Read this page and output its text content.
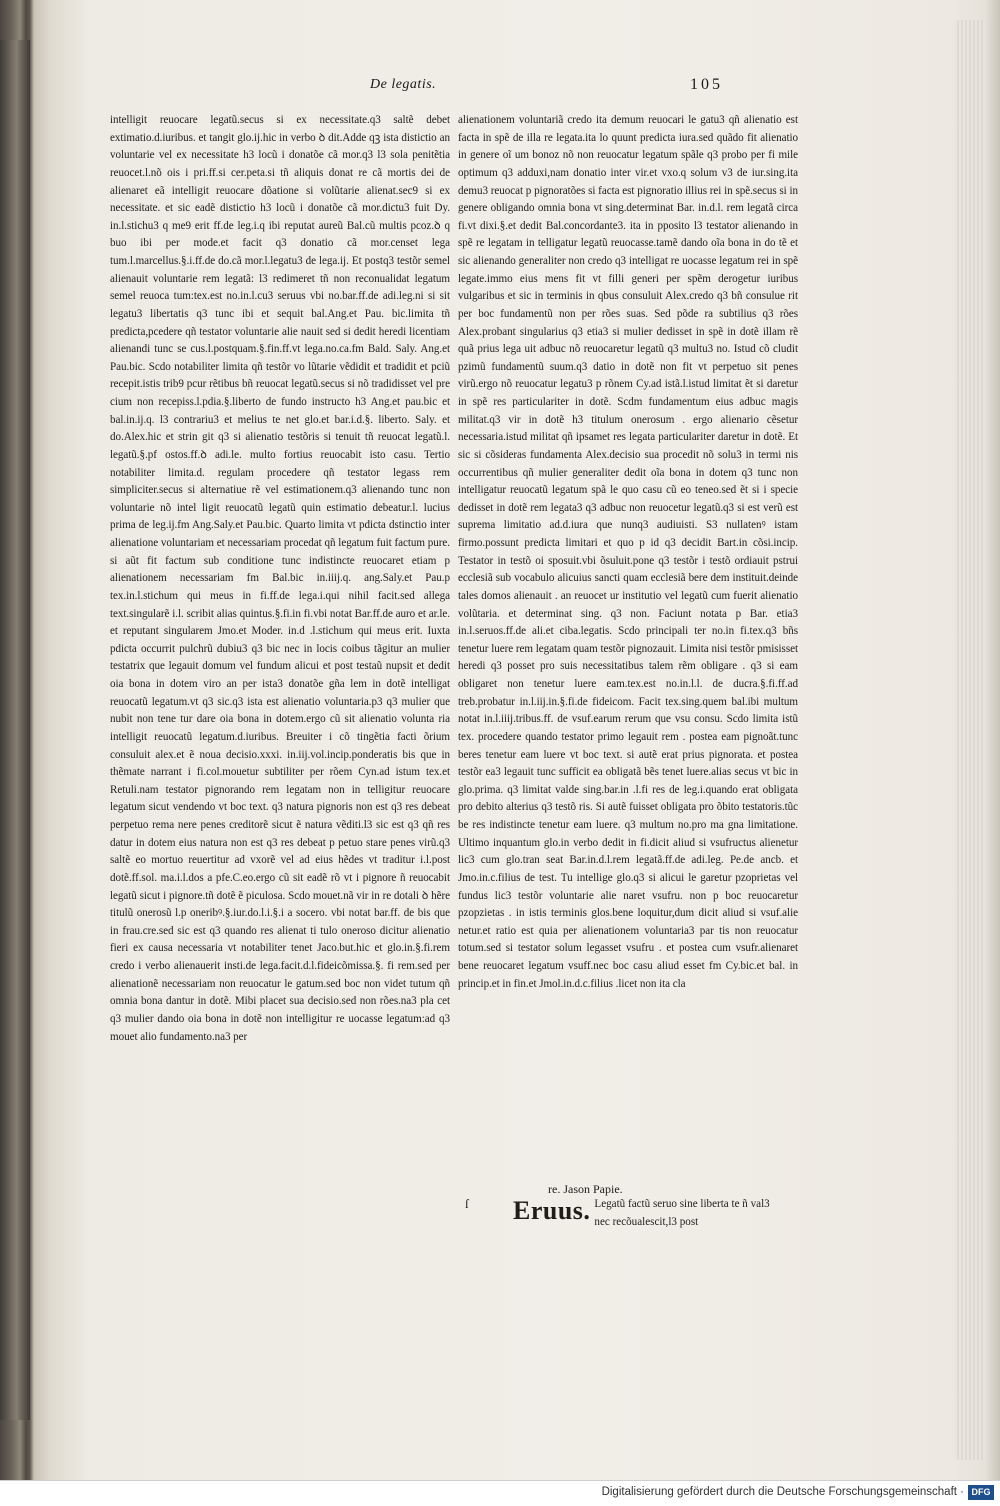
De legatis.	105

intelligit reuocare legatũ.secus si ex necessitate.q3 saltẽ debet extimatio.d.iuribus. et tangit glo.ij.hic in verbo ꝺ dit.Adde qꝫ ista distictio an voluntarie vel ex necessitate h3 locũ i donatõe cã mor.q3 l3 sola penitẽtia reuocet.l.nõ ois i pri.ff.si cer.peta.si tñ aliquis donat re cã mortis dei de alienaret eã intelligit reuocare dõatione si volũtarie alienat.sec9 si ex necessitate. et sic eadẽ distictio h3 locũ i donatõe cã mor.dictu3 fuit Dy. in.l.stichu3 q me9 erit ff.de leg.i.q ibi reputat aureũ Bal.cũ multis pcoz.ꝺ q buo ibi per mode.et facit q3 donatio cã mor.censet lega tum.l.marcellus.§.i.ff.de do.cã mor.l.legatu3 de lega.ij. Et postq3 testõr semel alienauit voluntarie rem legatã: l3 redimeret tñ non reconualidat legatum semel reuoca tum:tex.est no.in.l.cu3 seruus vbi no.bar.ff.de adi.leg.ni si sit legatu3 libertatis q3 tunc ibi et sequit bal.Ang.et Pau. bic.limita tñ predicta,pcedere qñ testator voluntarie alie nauit sed si dedit heredi licentiam alienandi tunc se cus.l.postquam.§.fin.ff.vt lega.no.ca.fm Bald. Saly. Ang.et Pau.bic. Scdo notabiliter limita qñ testõr vo lũtarie vẽdidit et tradidit et pciũ recepit.istis trib9 pcur rẽtibus bñ reuocat legatũ.secus si nõ tradidisset vel pre cium non recepiss.l.pdia.§.liberto de fundo instructo h3 Ang.et pau.bic et bal.in.ij.q. l3 contrariu3 et melius te net glo.et bar.i.d.§. liberto. Saly. et do.Alex.hic et strin git q3 si alienatio testõris si tenuit tñ reuocat legatũ.l. legatũ.§.pf ostos.ff.ꝺ adi.le. multo fortius reuocabit isto casu. Tertio notabiliter limita.d. regulam procedere qñ testator legass rem simpliciter.secus si alternatiue rẽ vel estimationem.q3 alienando tunc non voluntarie nõ intel ligit reuocatũ legatũ quin estimatio debeatur.l. lucius prima de leg.ij.fm Ang.Saly.et Pau.bic. Quarto limita vt pdicta dstinctio inter alienatione voluntariam et necessariam procedat qñ legatum fuit factum pure. si aũt fit factum sub conditione tunc indistincte reuocaret etiam p alienationem necessariam fm Bal.bic in.iiij.q. ang.Saly.et Pau.p tex.in.l.stichum qui meus in fi.ff.de lega.i.qui nihil facit.sed allega text.singularẽ i.l. scribit alias quintus.§.fi.in fi.vbi notat Bar.ff.de auro et ar.le. et reputant singularem Jmo.et Moder. in.d .l.stichum qui meus erit. Iuxta pdicta occurrit pulchrũ dubiu3 q3 bic nec in locis coibus tãgitur an mulier testatrix que legauit domum vel fundum alicui et post testaũ nupsit et dedit oia bona in dotem viro an per ista3 donatõe gña lem in dotẽ intelligat reuocatũ legatum.vt q3 sic.q3 ista est alienatio voluntaria.p3 q3 mulier que nubit non tene tur dare oia bona in dotem.ergo cũ sit alienatio volunta ria intelligit reuocatũ legatum.d.iuribus. Breuiter i cõ tingẽtia facti õrium consuluit alex.et ẽ noua decisio.xxxi. in.iij.vol.incip.ponderatis bis que in thẽmate narrant i fi.col.mouetur subtiliter per rõem Cyn.ad istum tex.et Retuli.nam testator pignorando rem legatam non in telligitur reuocare legatum sicut vendendo vt boc text. q3 natura pignoris non est q3 res debeat perpetuo rema nere penes creditorẽ sicut ẽ natura vẽditi.l3 sic est q3 qñ res datur in dotem eius natura non est q3 res debeat p petuo stare penes virũ.q3 saltẽ eo mortuo reuertitur ad vxorẽ vel ad eius hẽdes vt traditur i.l.post dotẽ.ff.sol. ma.i.l.dos a pfe.C.eo.ergo cũ sit eadẽ rõ vt i pignore ñ reuocabit legatũ sicut i pignore.tñ dotẽ ẽ piculosa. Scdo mouet.nã vir in re dotali ꝺ hẽre titulũ onerosũ l.p oneribꝰ.§.iur.do.l.i.§.i a socero. vbi notat bar.ff. de bis que in frau.cre.sed sic est q3 quando res alienat ti tulo oneroso dicitur alienatio fieri ex causa necessaria vt notabiliter tenet Jaco.but.hic et glo.in.§.fi.rem credo i verbo alienauerit insti.de lega.facit.d.l.fideicõmissa.§. fi rem.sed per alienationẽ necessariam non reuocatur le gatum.sed boc non videt tutum qñ omnia bona dantur in dotẽ. Mibi placet sua decisio.sed non rões.na3 pla cet q3 mulier dando oia bona in dotẽ non intelligitur re uocasse legatum:ad q3 mouet alio fundamento.na3 per

alienationem voluntariã credo ita demum reuocari le gatu3 qñ alienatio est facta in spẽ de illa re legata.ita lo quunt predicta iura.sed quãdo fit alienatio in genere oĩ um bonoz nõ non reuocatur legatum spãle q3 probo per fi mile optimum q3 adduxi,nam donatio inter vir.et vxo.q solum v3 de iur.sing.ita demu3 reuocat p pignoratões si facta est pignoratio illius rei in spẽ.secus si in genere obligando omnia bona vt sing.determinat Bar. in.d.l. rem legatã circa fi.vt dixi.§.et dedit Bal.concordante3. ita in pposito l3 testator alienando in spẽ re legatam in telligatur legatũ reuocasse.tamẽ dando oĩa bona in do tẽ et sic alienando generaliter non credo q3 intelligat re uocasse legatum rei in spẽ legate.immo eius mens fit vt filli generi per spẽm derogetur iuribus vulgaribus et sic in terminis in qbus consuluit Alex.credo q3 bñ consuluе rit per boc fundamentũ non per rões suas. Sed põde ra subtilius q3 rões Alex.probant singularius q3 etia3 si mulier dedisset in spẽ in dotẽ illam rẽ quã prius lega uit adbuc nõ reuocaretur legatũ q3 multu3 no. Istud cõ cludit pzimũ fundamentũ suum.q3 datio in dotẽ non fit vt perpetuo sit penes virũ.ergo nõ reuocatur legatu3 p rõnem Cy.ad istã.l.istud limitat ẽt si daretur in spẽ res particulariter in dotẽ. Scdm fundamentum eius adbuc magis militat.q3 vir in dotẽ h3 titulum onerosum . ergo alienario cẽsetur necessaria.istud militat qñ ipsamet res legata particulariter daretur in dotẽ. Et sic si cõsideras fundamenta Alex.decisio sua procedit nõ solu3 in termi nis occurrentibus qñ mulier generaliter dedit oĩa bona in dotem q3 tunc non intelligatur reuocatũ legatum spã le quo casu cũ eo teneo.sed ẽt si i specie dedisset in dotẽ rem legata3 q3 adbuc non reuocetur legatũ.q3 si est verũ est suprema limitatio ad.d.iura que nunq3 audiuisti. S3 nullatenꝰ istam firmo.possunt predicta limitari et quo p id q3 decidit Bart.in cõsi.incip. Testator in testõ oi sposuit.vbi õsuluit.pone q3 testõr i testõ ordiauit pstrui ecclesiã sub vocabulo alicuius sancti quam ecclesiã bere dem instituit.deinde tales domos alienauit . an reuocet ur institutio vel legatũ cum fuerit alienatio volũtaria. et determinat sing. q3 non. Faciunt notata p Bar. etia3 in.l.seruos.ff.de ali.et ciba.legatis. Scdo principali ter no.in fi.tex.q3 bñs tenetur luere rem legatam quam testõr pignozauit. Limita nisi testõr pmisisset heredi q3 posset pro suis necessitatibus talem rẽm obligare . q3 si eam obligaret non tenetur luere eam.tex.est no.in.l.l. de ducra.§.fi.ff.ad treb.probatur in.l.iij.in.§.fi.de fideicom. Facit tex.sing.quem bal.ibi multum notat in.l.iiij.tribus.ff. de vsuf.earum rerum que vsu consu. Scdo limita istũ tex. procedere quando testator primo legauit rem . postea eam pignoãt.tunc beres tenetur eam luere vt boc text. si autẽ erat prius pignorata. et postea testõr ea3 legauit tunc sufficit ea obligatã bẽs tenet luere.alias secus vt bic in glo.prima. q3 limitat valde sing.bar.in .l.fi res de leg.i.quando erat obligata pro debito alterius q3 testõ ris. Si autẽ fuisset obligata pro õbito testatoris.tũc be res indistincte tenetur eam luere. q3 multum no.pro ma gna limitatione. Ultimo inquantum glo.in verbo dedit in fi.dicit aliud si vsufructus alienetur lic3 cum glo.tran seat Bar.in.d.l.rem legatã.ff.de adi.leg. Pe.de ancb. et Jmo.in.c.filius de test. Tu intellige glo.q3 si alicui le garetur pzoprietas vel fundus lic3 testõr voluntarie alie naret vsufru. non p boc reuocaretur pzopzietas . in istis terminis glos.bene loquitur,dum dicit aliud si vsuf.alie netur.et ratio est quia per alienationem voluntaria3 par tis non reuocatur totum.sed si testator solum legasset vsufru . et postea cum vsufr.alienaret bene reuocaret legatum vsuff.nec boc casu aliud esset fm Cy.bic.et bal. in princip.et in fin.et Jmol.in.d.c.filius .licet non ita cla

re. Jason Papie.
ſ Eruus. Legatũ factũ seruo sine liberta te ñ val3 nec recõualescit,l3 post
Digitalisierung gefördert durch die Deutsche Forschungsgemeinschaft · DFG
